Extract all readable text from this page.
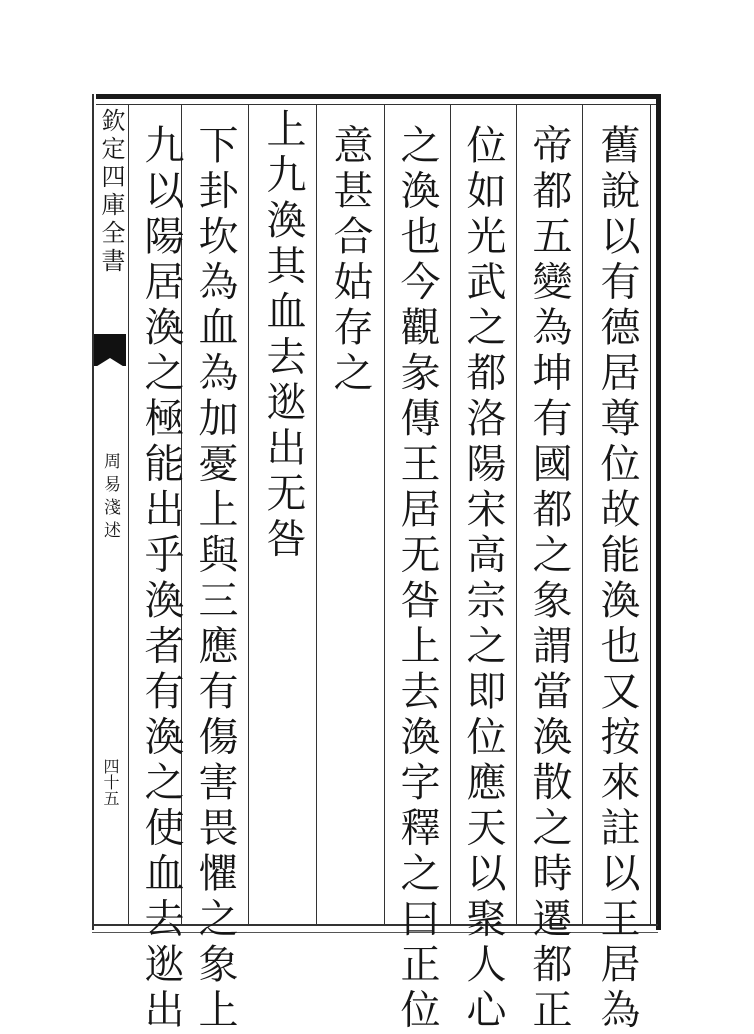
欽定四庫全書
周易淺述
四十五	舊說以有德居尊位故能渙也又按來註以王居為
帝都五變為坤有國都之象謂當渙散之時遷都正
位如光武之都洛陽宋高宗之即位應天以聚人心
之渙也今觀彖傳王居无咎上去渙字釋之曰正位
意甚合姑存之
上九渙其血去逖出无咎
下卦坎為血為加憂上與三應有傷害畏懼之象上
九以陽居渙之極能出乎渙者有渙之使血去逖出
